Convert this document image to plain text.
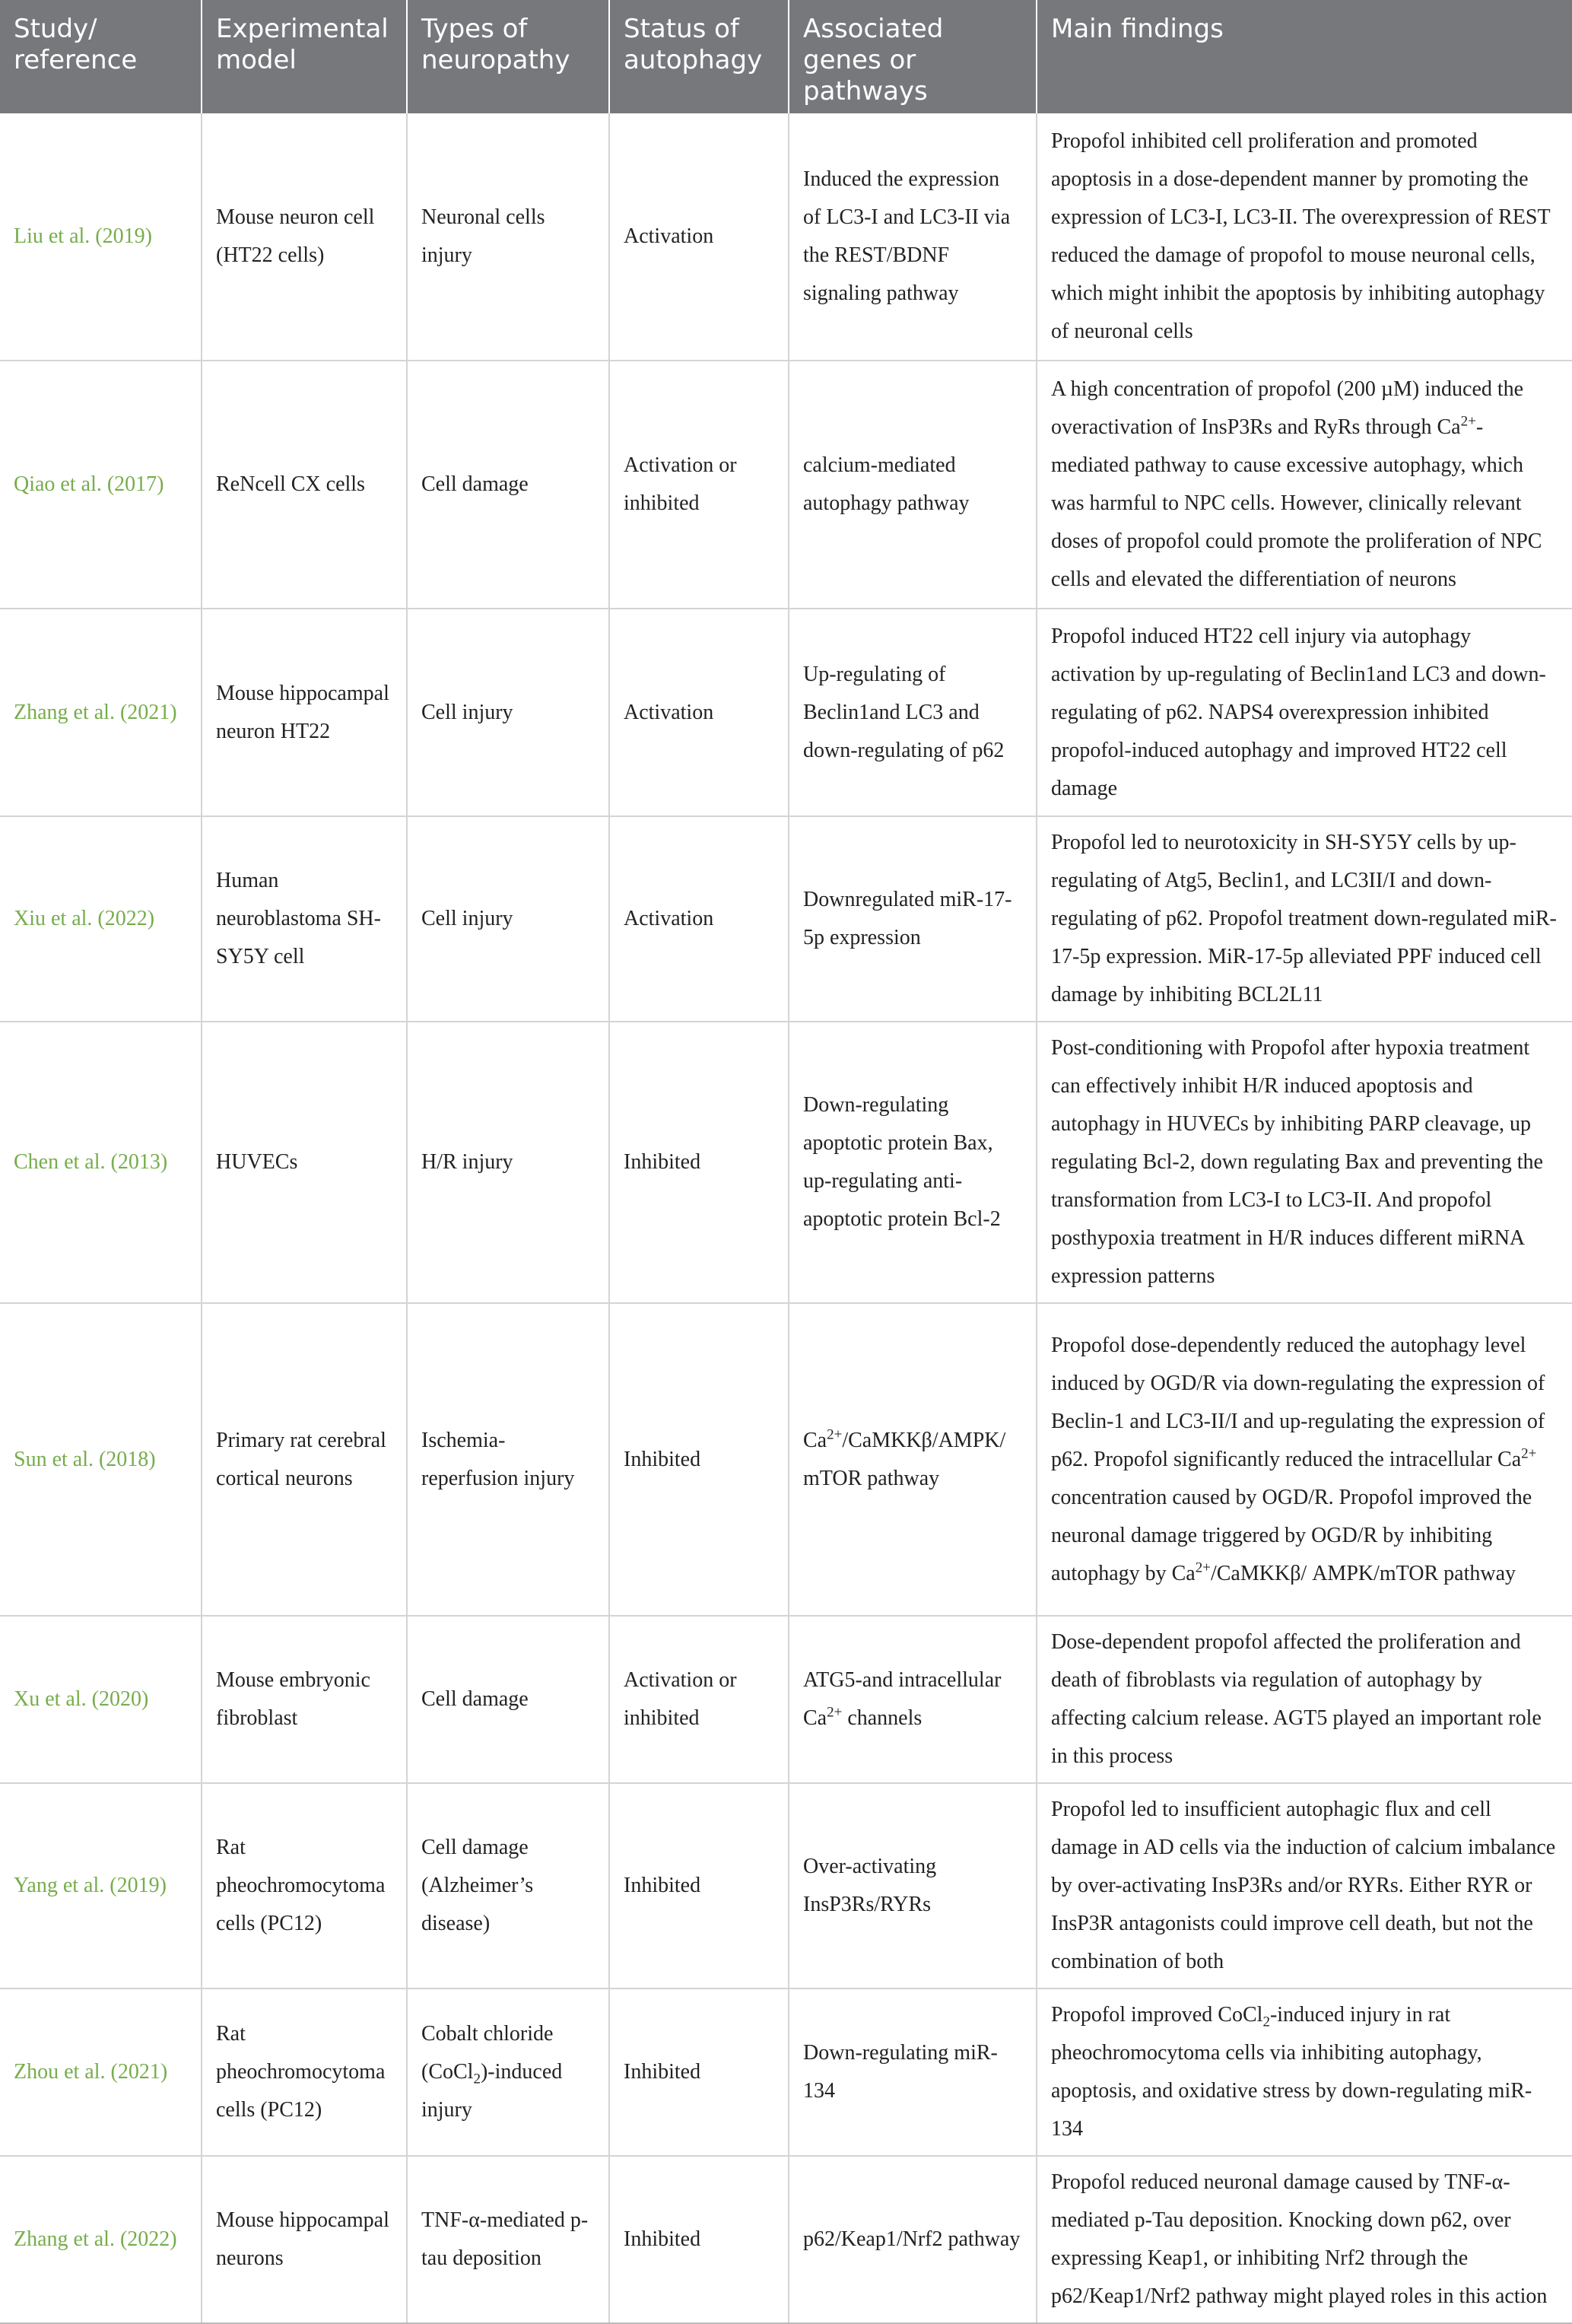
Study/ reference	Experimental model	Types of neuropathy	Status of autophagy	Associated genes or pathways	Main findings
Liu et al. (2019)	Mouse neuron cell (HT22 cells)	Neuronal cells injury	Activation	Induced the expression of LC3-I and LC3-II via the REST/BDNF signaling pathway	Propofol inhibited cell proliferation and promoted apoptosis in a dose-dependent manner by promoting the expression of LC3-I, LC3-II. The overexpression of REST reduced the damage of propofol to mouse neuronal cells, which might inhibit the apoptosis by inhibiting autophagy of neuronal cells
Qiao et al. (2017)	ReNcell CX cells	Cell damage	Activation or inhibited	calcium-mediated autophagy pathway	A high concentration of propofol (200 µM) induced the overactivation of InsP3Rs and RyRs through $Ca^{2+}$-mediated pathway to cause excessive autophagy, which was harmful to NPC cells. However, clinically relevant doses of propofol could promote the proliferation of NPC cells and elevated the differentiation of neurons
Zhang et al. (2021)	Mouse hippocampal neuron HT22	Cell injury	Activation	Up-regulating of Beclin1and LC3 and down-regulating of p62	Propofol induced HT22 cell injury via autophagy activation by up-regulating of Beclin1and LC3 and down-regulating of p62. NAPS4 overexpression inhibited propofol-induced autophagy and improved HT22 cell damage
Xiu et al. (2022)	Human neuroblastoma SH-SY5Y cell	Cell injury	Activation	Downregulated miR-17-5p expression	Propofol led to neurotoxicity in SH-SY5Y cells by up-regulating of Atg5, Beclin1, and LC3II/I and down-regulating of p62. Propofol treatment down-regulated miR-17-5p expression. MiR-17-5p alleviated PPF induced cell damage by inhibiting BCL2L11
Chen et al. (2013)	HUVECs	H/R injury	Inhibited	Down-regulating apoptotic protein Bax, up-regulating anti-apoptotic protein Bcl-2	Post-conditioning with Propofol after hypoxia treatment can effectively inhibit H/R induced apoptosis and autophagy in HUVECs by inhibiting PARP cleavage, up regulating Bcl-2, down regulating Bax and preventing the transformation from LC3-I to LC3-II. And propofol posthypoxia treatment in H/R induces different miRNA expression patterns
Sun et al. (2018)	Primary rat cerebral cortical neurons	Ischemia-reperfusion injury	Inhibited	$Ca^{2+}/CaMKK\beta/AMPK/$ mTOR pathway	Propofol dose-dependently reduced the autophagy level induced by OGD/R via down-regulating the expression of Beclin-1 and LC3-II/I and up-regulating the expression of p62. Propofol significantly reduced the intracellular $Ca^{2+}$ concentration caused by OGD/R. Propofol improved the neuronal damage triggered by OGD/R by inhibiting autophagy by $Ca^{2+}/CaMKK\beta/$ AMPK/mTOR pathway
Xu et al. (2020)	Mouse embryonic fibroblast	Cell damage	Activation or inhibited	ATG5-and intracellular $Ca^{2+}$ channels	Dose-dependent propofol affected the proliferation and death of fibroblasts via regulation of autophagy by affecting calcium release. AGT5 played an important role in this process
Yang et al. (2019)	Rat pheochromocytoma cells (PC12)	Cell damage (Alzheimer’s disease)	Inhibited	Over-activating InsP3Rs/RYRs	Propofol led to insufficient autophagic flux and cell damage in AD cells via the induction of calcium imbalance by over-activating InsP3Rs and/or RYRs. Either RYR or InsP3R antagonists could improve cell death, but not the combination of both
Zhou et al. (2021)	Rat pheochromocytoma cells (PC12)	Cobalt chloride (CoCl$_2$)-induced injury	Inhibited	Down-regulating miR-134	Propofol improved CoCl$_2$-induced injury in rat pheochromocytoma cells via inhibiting autophagy, apoptosis, and oxidative stress by down-regulating miR-134
Zhang et al. (2022)	Mouse hippocampal neurons	TNF-α-mediated p-tau deposition	Inhibited	p62/Keap1/Nrf2 pathway	Propofol reduced neuronal damage caused by TNF-α-mediated p-Tau deposition. Knocking down p62, over expressing Keap1, or inhibiting Nrf2 through the p62/Keap1/Nrf2 pathway might played roles in this action
